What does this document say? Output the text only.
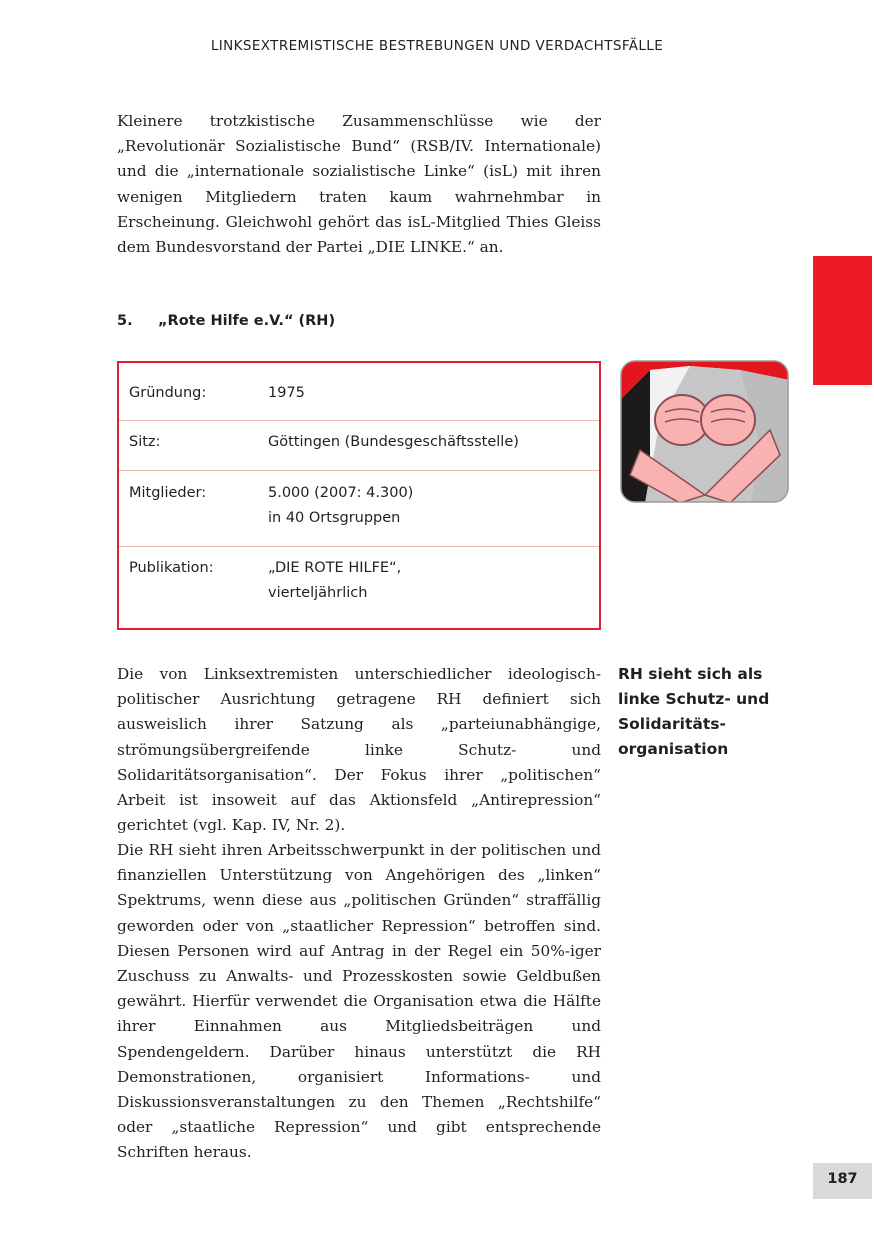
LINKSEXTREMISTISCHE BESTREBUNGEN UND VERDACHTSFÄLLE

Kleinere trotzkistische Zusammenschlüsse wie der „Revolutionär Sozialistische Bund“ (RSB/IV. Internationale) und die „internationale sozialistische Linke“ (isL) mit ihren wenigen Mitgliedern traten kaum wahrnehmbar in Erscheinung. Gleichwohl gehört das isL-Mitglied Thies Gleiss dem Bundesvorstand der Partei „DIE LINKE.“ an.

5.	„Rote Hilfe e.V.“ (RH)
Gründung:	1975
Sitz:	Göttingen (Bundesgeschäftsstelle)
Mitglieder:	5.000 (2007: 4.300)
in 40 Ortsgruppen
Publikation:	„DIE ROTE HILFE“,
vierteljährlich

Die von Linksextremisten unterschiedlicher ideologisch-politischer Ausrichtung getragene RH definiert sich ausweislich ihrer Satzung als „parteiunabhängige, strömungsübergreifende linke Schutz- und Solidaritätsorganisation“. Der Fokus ihrer „politischen“ Arbeit ist insoweit auf das Aktionsfeld „Antirepression“ gerichtet (vgl. Kap. IV, Nr. 2).

RH sieht sich als
linke Schutz- und
Solidaritäts-
organisation

Die RH sieht ihren Arbeitsschwerpunkt in der politischen und finanziellen Unterstützung von Angehörigen des „linken“ Spektrums, wenn diese aus „politischen Gründen“ straffällig geworden oder von „staatlicher Repression“ betroffen sind. Diesen Personen wird auf Antrag in der Regel ein 50%-iger Zuschuss zu Anwalts- und Prozesskosten sowie Geldbußen gewährt. Hierfür verwendet die Organisation etwa die Hälfte ihrer Einnahmen aus Mitgliedsbeiträgen und Spendengeldern. Darüber hinaus unterstützt die RH Demonstrationen, organisiert Informations- und Diskussionsveranstaltungen zu den Themen „Rechtshilfe“ oder „staatliche Repression“ und gibt entsprechende Schriften heraus.

187
